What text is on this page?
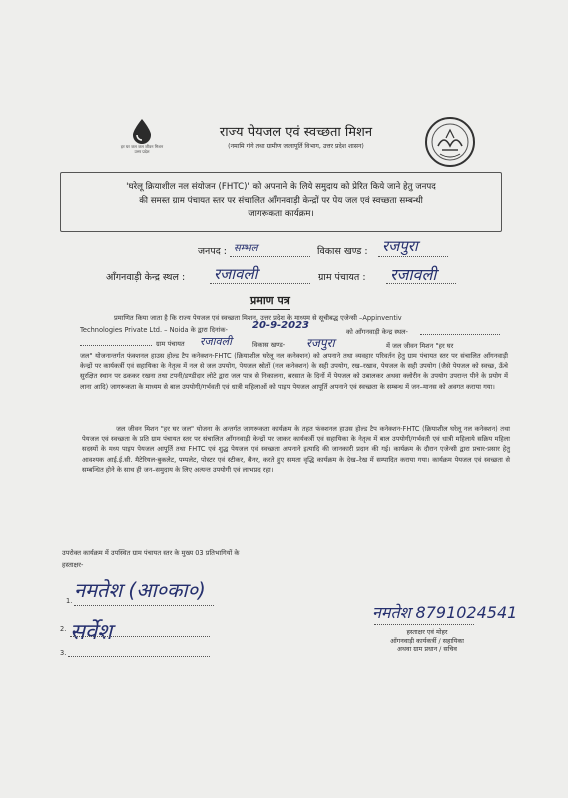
हर घर जल जल जीवन मिशन उत्तर प्रदेश
राज्य पेयजल एवं स्वच्छता मिशन
(नमामि गंगे तथा ग्रामीण जलापूर्ति विभाग, उत्तर प्रदेश शासन)
'घरेलू क्रियाशील नल संयोजन (FHTC)' को अपनाने के लिये समुदाय को प्रेरित किये जाने हेतु जनपद
की समस्त ग्राम पंचायत स्तर पर संचालित आँगनवाड़ी केन्द्रों पर पेय जल एवं स्वच्छता सम्बन्धी
जागरूकता कार्यक्रम।
जनपद : सम्भल	विकास खण्ड : रजपुरा
आँगनवाड़ी केन्द्र स्थल : रजावली	ग्राम पंचायत : रजावली
प्रमाण पत्र
प्रमाणित किया जाता है कि राज्य पेयजल एवं स्वच्छता मिशन, उत्तर प्रदेश के माध्यम से सूचीबद्ध एजेन्सी –Appinventiv
Technologies Private Ltd. – Noida के द्वारा दिनांक- 20-9-2023
को आँगनवाड़ी केन्द्र स्थल-
ग्राम पंचायत रजावली	विकास खण्ड- रजपुरा	में जल जीवन मिशन "हर घर
जल" योजनान्तर्गत फंक्शनल हाउस होल्ड टैप कनेक्शन-FHTC (क्रियाशील घरेलू नल कनेक्शन) को अपनाने तथा व्यवहार परिवर्तन हेतु ग्राम पंचायत स्तर पर संचालित आँगनवाड़ी केन्द्रों पर कार्यकर्त्री एवं सहायिका के नेतृत्व में नल से जल उपयोग, पेयजल स्रोतों (नल कनेक्शन) के सही उपयोग, रख–रखाव, पेयजल के सही उपयोग (जैसे पेयजल को स्वच्छ, ऊँचे सुरक्षित स्थान पर ढककर रखना तथा टपनी/डण्डीदार लोटे द्वारा जल पात्र से निकालना, बरसात के दिनों में पेयजल को उबालकर अथवा क्लोरीन के उपयोग उपरान्त पीने के प्रयोग में लाना आदि) जागरूकता के माध्यम से बाल उपयोगी/गर्भवती एवं धात्री महिलाओं को पाइप पेयजल आपूर्ति अपनाने एवं स्वच्छता के सम्बन्ध में जन–मानस को अवगत कराया गया।
जल जीवन मिशन "हर घर जल" योजना के अन्तर्गत जागरूकता कार्यक्रम के तहत फंक्शनल हाउस होल्ड टैप कनेक्शन-FHTC (क्रियाशील घरेलू नल कनेक्शन) तथा पेयजल एवं स्वच्छता के प्रति ग्राम पंचायत स्तर पर संचालित आँगनवाड़ी केन्द्रों पर जाकर कार्यकर्त्री एवं सहायिका के नेतृत्व में बाल उपयोगी/गर्भवती एवं धात्री महिलाये सक्रिय महिला सदस्यों के मध्य पाइप पेयजल आपूर्ति तथा FHTC एवं शुद्ध पेयजल एवं स्वच्छता अपनाने इत्यादि की जानकारी प्रदान की गई। कार्यक्रम के दौरान एजेन्सी द्वारा प्रचार-प्रसार हेतु आवश्यक आई.ई.सी. मैटेरियल-बुकलेट, पम्पलेट, पोस्टर एवं स्टीकर, बैनर, करते हुए समता वृद्धि कार्यक्रम के देख–रेख में सम्पादित कराया गया। कार्यक्रम पेयजल एवं स्वच्छता से सम्बन्धित होने के साथ ही जन–समुदाय के लिए अत्यन्त उपयोगी एवं लाभप्रद रहा।
उपरोक्त कार्यक्रम में उपस्थित ग्राम पंचायत स्तर के मुख्य 03 प्रतिभागियों के
हस्ताक्षर-
1. नमतेश (आ०का०)
2. सर्वेश
3.
नमतेश 8791024541
हस्ताक्षर एवं मोहर
आँगनवाड़ी कार्यकर्त्री / सहायिका
अथवा ग्राम प्रधान / सचिव
